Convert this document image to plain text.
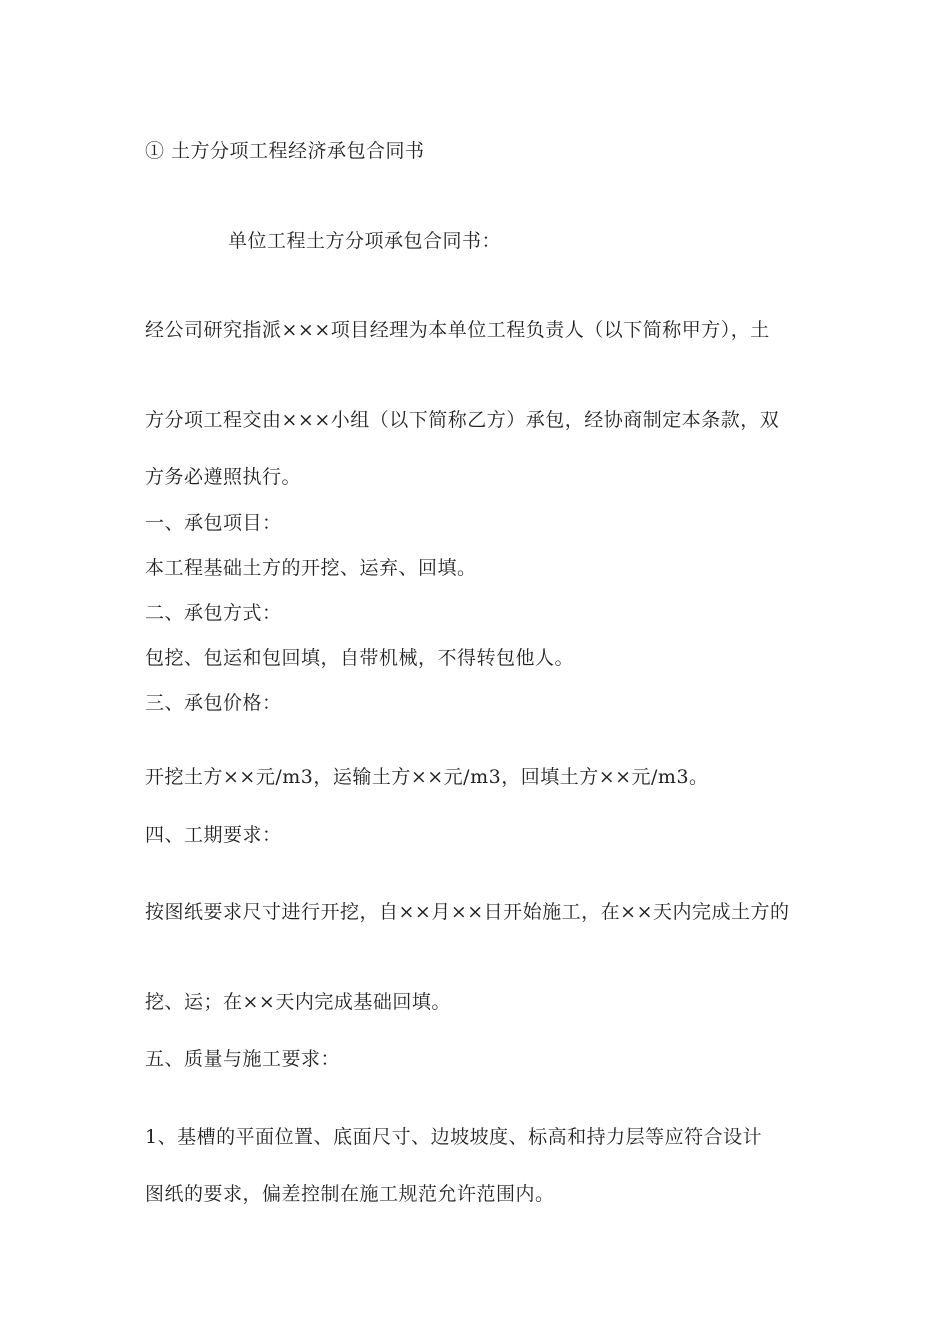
① 土方分项工程经济承包合同书
单位工程土方分项承包合同书：
经公司研究指派×××项目经理为本单位工程负责人（以下简称甲方），土
方分项工程交由×××小组（以下简称乙方）承包，经协商制定本条款，双
方务必遵照执行。
一、承包项目：
本工程基础土方的开挖、运弃、回填。
二、承包方式：
包挖、包运和包回填，自带机械，不得转包他人。
三、承包价格：
开挖土方××元/m3，运输土方××元/m3，回填土方××元/m3。
四、工期要求：
按图纸要求尺寸进行开挖，自××月××日开始施工，在××天内完成土方的
挖、运；在××天内完成基础回填。
五、质量与施工要求：
1、基槽的平面位置、底面尺寸、边坡坡度、标高和持力层等应符合设计
图纸的要求，偏差控制在施工规范允许范围内。
